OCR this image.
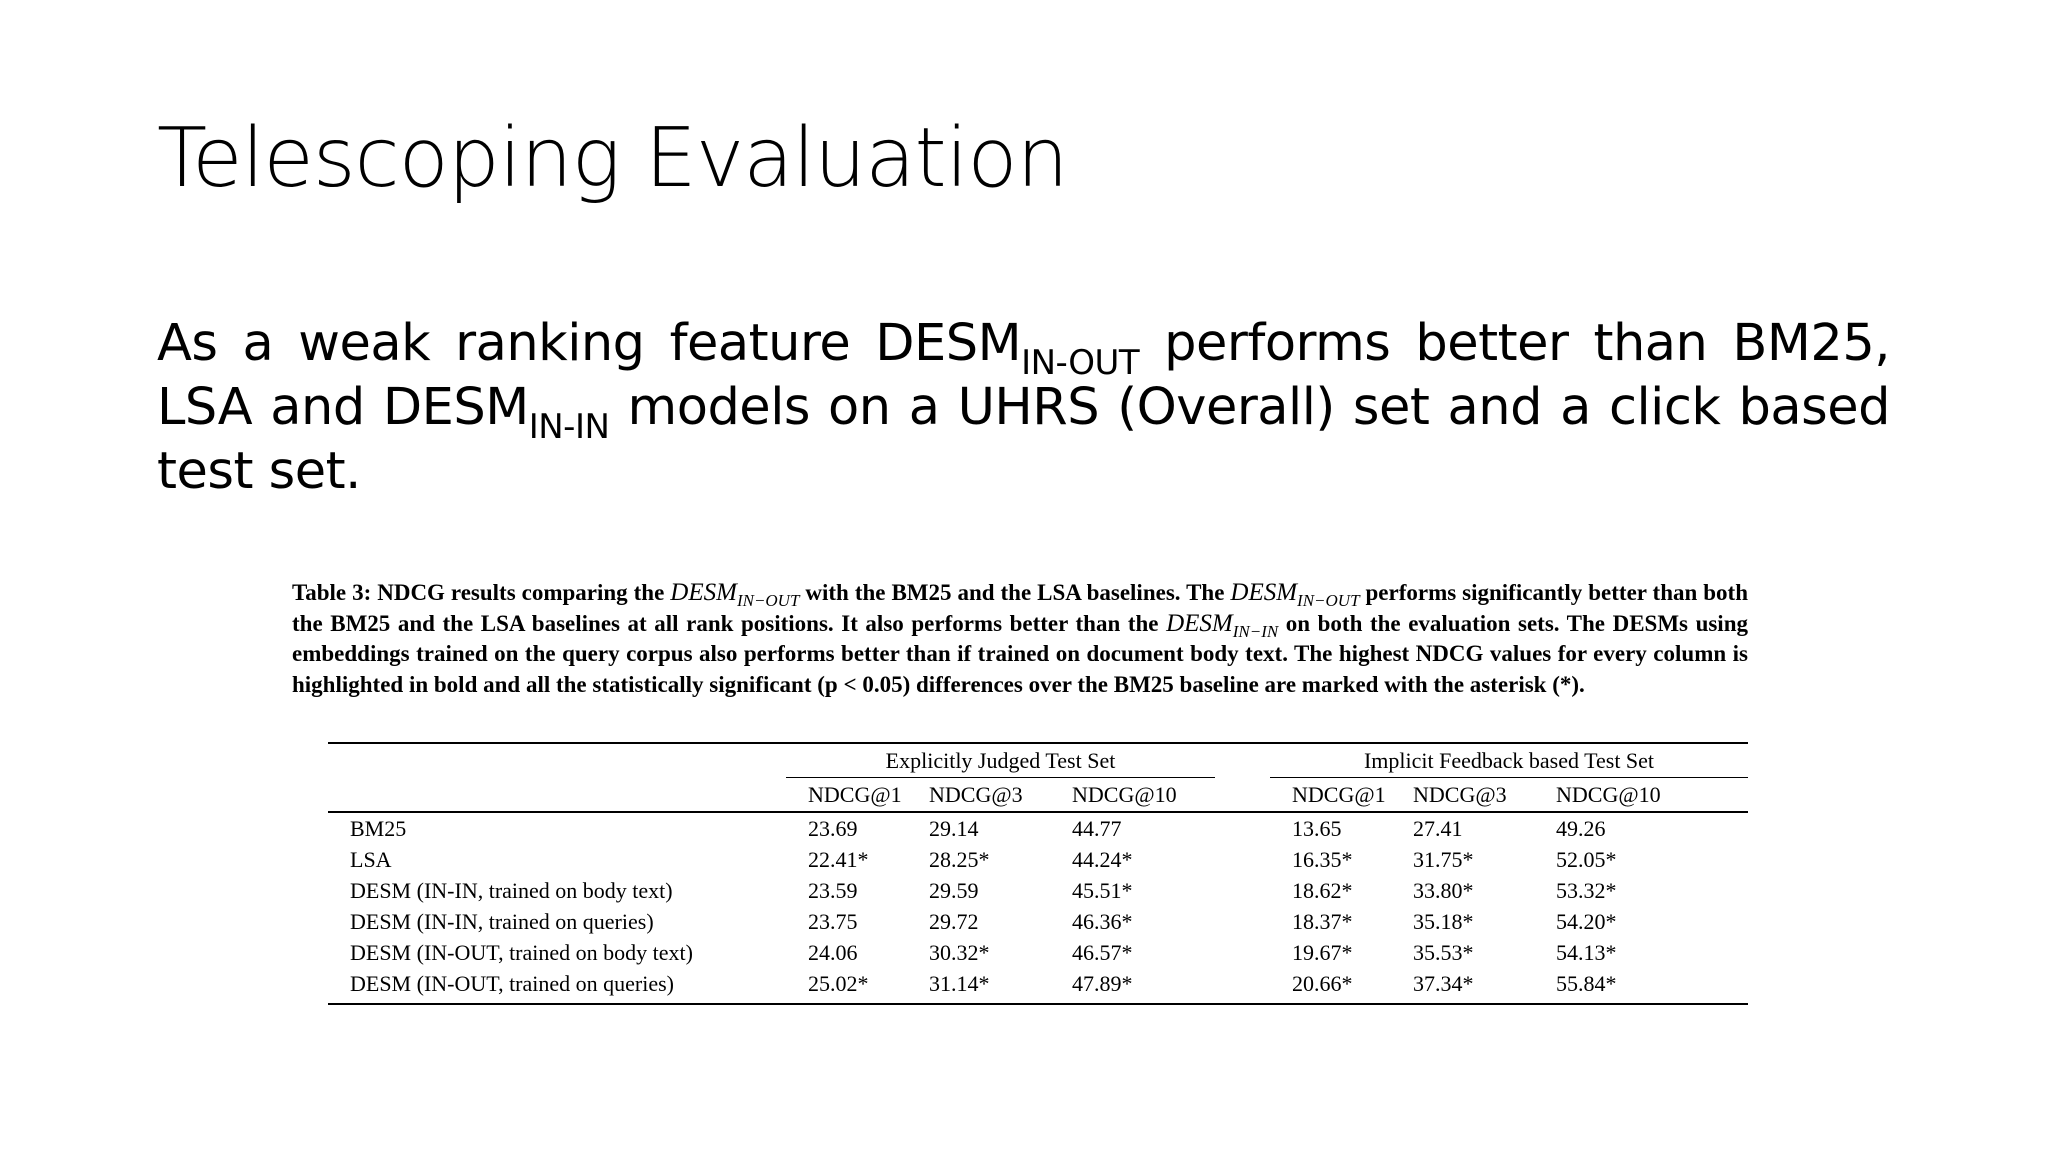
Telescoping Evaluation
As a weak ranking feature $DESM_{IN-OUT}$ performs better than BM25, LSA and $DESM_{IN-IN}$ models on a UHRS (Overall) set and a click based test set.
Table 3: NDCG results comparing the $DESM_{IN-OUT}$ with the BM25 and the LSA baselines. The $DESM_{IN-OUT}$ performs significantly better than both the BM25 and the LSA baselines at all rank positions. It also performs better than the $DESM_{IN-IN}$ on both the evaluation sets. The DESMs using embeddings trained on the query corpus also performs better than if trained on document body text. The highest NDCG values for every column is highlighted in bold and all the statistically significant (p < 0.05) differences over the BM25 baseline are marked with the asterisk (*).

	Explicitly Judged Test Set				Implicit Feedback based Test Set		

	NDCG@1	NDCG@3	NDCG@10		NDCG@1	NDCG@3	NDCG@10
BM25	23.69	29.14	44.77		13.65	27.41	49.26
LSA	22.41*	28.25*	44.24*		16.35*	31.75*	52.05*
DESM (IN-IN, trained on body text)	23.59	29.59	45.51*		18.62*	33.80*	53.32*
DESM (IN-IN, trained on queries)	23.75	29.72	46.36*		18.37*	35.18*	54.20*
DESM (IN-OUT, trained on body text)	24.06	30.32*	46.57*		19.67*	35.53*	54.13*
DESM (IN-OUT, trained on queries)	25.02*	31.14*	47.89*		20.66*	37.34*	55.84*
